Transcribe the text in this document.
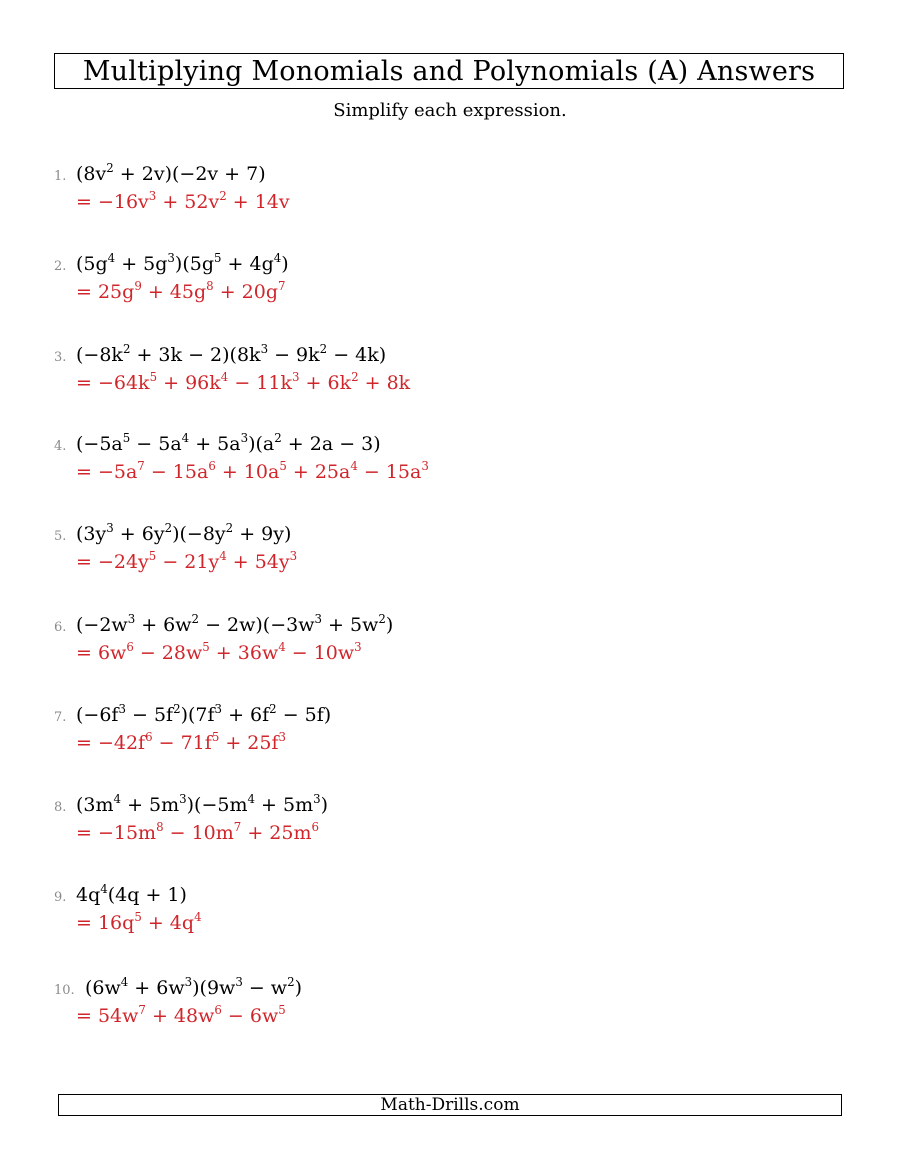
Multiplying Monomials and Polynomials (A) Answers
Simplify each expression.
1. $(8v^2 + 2v)(-2v + 7)$
= $-16v^3 + 52v^2 + 14v$
2. $(5g^4 + 5g^3)(5g^5 + 4g^4)$
= $25g^9 + 45g^8 + 20g^7$
3. $(-8k^2 + 3k - 2)(8k^3 - 9k^2 - 4k)$
= $-64k^5 + 96k^4 - 11k^3 + 6k^2 + 8k$
4. $(-5a^5 - 5a^4 + 5a^3)(a^2 + 2a - 3)$
= $-5a^7 - 15a^6 + 10a^5 + 25a^4 - 15a^3$
5. $(3y^3 + 6y^2)(-8y^2 + 9y)$
= $-24y^5 - 21y^4 + 54y^3$
6. $(-2w^3 + 6w^2 - 2w)(-3w^3 + 5w^2)$
= $6w^6 - 28w^5 + 36w^4 - 10w^3$
7. $(-6f^3 - 5f^2)(7f^3 + 6f^2 - 5f)$
= $-42f^6 - 71f^5 + 25f^3$
8. $(3m^4 + 5m^3)(-5m^4 + 5m^3)$
= $-15m^8 - 10m^7 + 25m^6$
9. $4q^4(4q + 1)$
= $16q^5 + 4q^4$
10. $(6w^4 + 6w^3)(9w^3 - w^2)$
= $54w^7 + 48w^6 - 6w^5$
Math-Drills.com
